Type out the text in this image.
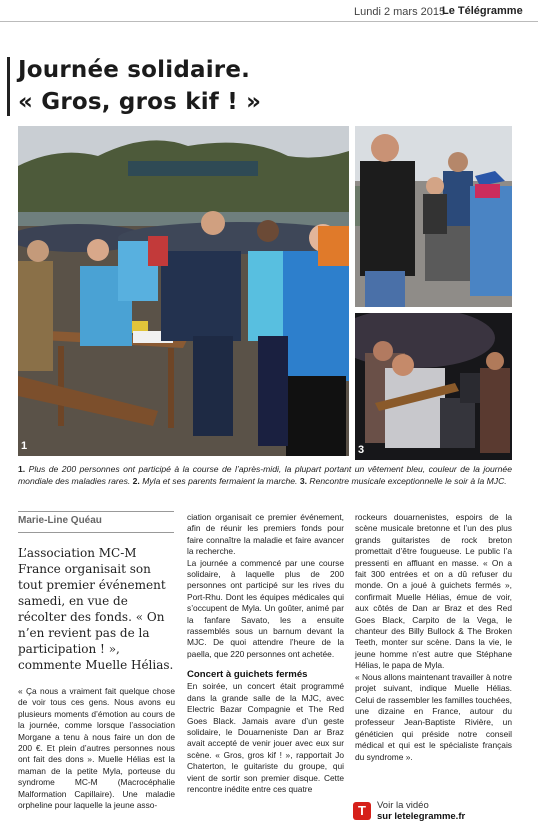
Lundi 2 mars 2015
Le Télégramme
Journée solidaire.
« Gros, gros kif ! »
1	3
1. Plus de 200 personnes ont participé à la course de l’après-midi, la plupart portant un vêtement bleu, couleur de la journée mondiale des maladies rares. 2. Myla et ses parents fermaient la marche. 3. Rencontre musicale exceptionnelle le soir à la MJC.
Marie-Line Quéau
L’association MC-M France organisait son tout premier événement samedi, en vue de récolter des fonds. « On n’en revient pas de la participation ! », commente Muelle Hélias.

« Ça nous a vraiment fait quelque chose de voir tous ces gens. Nous avons eu plusieurs moments d’émotion au cours de la journée, comme lorsque l’association Morgane a tenu à nous faire un don de 200 €. Et plein d’autres personnes nous ont fait des dons ». Muelle Hélias est la maman de la petite Myla, porteuse du syndrome MC-M (Macrocéphalie Malformation Capillaire). Une maladie orpheline pour laquelle la jeune asso-

ciation organisait ce premier événement, afin de réunir les premiers fonds pour faire connaître la maladie et faire avancer la recherche.

La journée a commencé par une course solidaire, à laquelle plus de 200 personnes ont participé sur les rives du Port-Rhu. Dont les équipes médicales qui s’occupent de Myla. Un goûter, animé par la fanfare Savato, les a ensuite rassemblés sous un barnum devant la MJC. De quoi attendre l’heure de la paella, que 220 personnes ont achetée.

Concert à guichets fermés

En soirée, un concert était programmé dans la grande salle de la MJC, avec Electric Bazar Compagnie et The Red Goes Black. Jamais avare d’un geste solidaire, le Douarneniste Dan ar Braz avait accepté de venir jouer avec eux sur scène. « Gros, gros kif ! », rapportait Jo Chaterton, le guitariste du groupe, qui vient de sortir son premier disque. Cette rencontre inédite entre ces quatre

rockeurs douarnenistes, espoirs de la scène musicale bretonne et l’un des plus grands guitaristes de rock breton promettait d’être fougueuse. Le public l’a pressenti en affluant en masse. « On a fait 300 entrées et on a dû refuser du monde. On a joué à guichets fermés », confirmait Muelle Hélias, émue de voir, aux côtés de Dan ar Braz et des Red Goes Black, Carpito de la Vega, le chanteur des Billy Bullock & The Broken Teeth, monter sur scène. Dans la vie, le jeune homme n’est autre que Stéphane Hélias, le papa de Myla.

« Nous allons maintenant travailler à notre projet suivant, indique Muelle Hélias. Celui de rassembler les familles touchées, une dizaine en France, autour du professeur Jean-Baptiste Rivière, un généticien qui préside notre conseil médical et qui est le spécialiste français du syndrome ».

T	Voir la vidéo
sur letelegramme.fr
